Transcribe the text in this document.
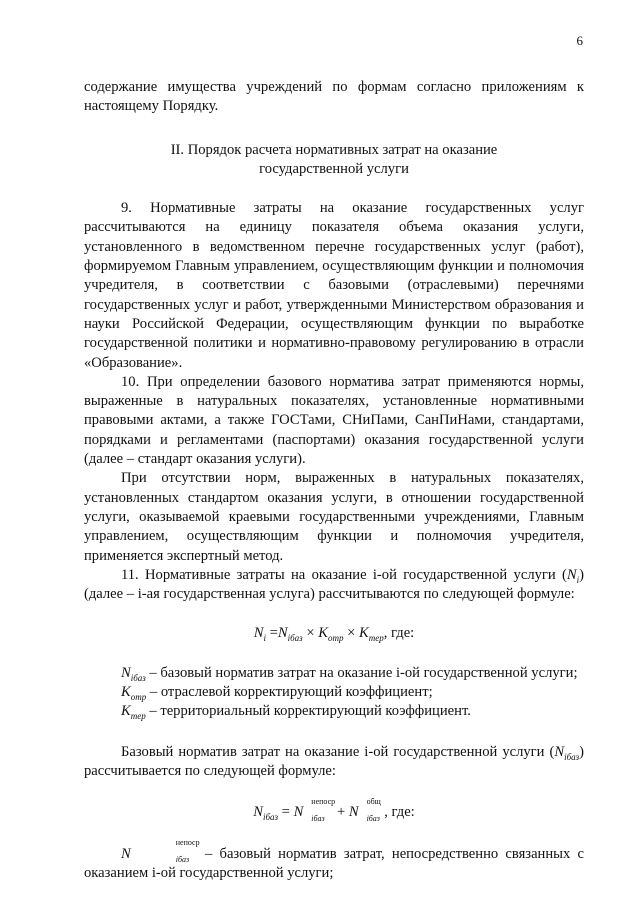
6

содержание имущества учреждений по формам согласно приложениям к настоящему Порядку.

II. Порядок расчета нормативных затрат на оказание
государственной услуги

9. Нормативные затраты на оказание государственных услуг рассчитываются на единицу показателя объема оказания услуги, установленного в ведомственном перечне государственных услуг (работ), формируемом Главным управлением, осуществляющим функции и полномочия учредителя, в соответствии с базовыми (отраслевыми) перечнями государственных услуг и работ, утвержденными Министерством образования и науки Российской Федерации, осуществляющим функции по выработке государственной политики и нормативно-правовому регулированию в отрасли «Образование».

10. При определении базового норматива затрат применяются нормы, выраженные в натуральных показателях, установленные нормативными правовыми актами, а также ГОСТами, СНиПами, СанПиНами, стандартами, порядками и регламентами (паспортами) оказания государственной услуги (далее – стандарт оказания услуги).

При отсутствии норм, выраженных в натуральных показателях, установленных стандартом оказания услуги, в отношении государственной услуги, оказываемой краевыми государственными учреждениями, Главным управлением, осуществляющим функции и полномочия учредителя, применяется экспертный метод.

11. Нормативные затраты на оказание i-ой государственной услуги $(N_i)$ (далее – i-ая государственная услуга) рассчитываются по следующей формуле:

$N_i =N_{iбаз} \times K_{отр} \times K_{тер}$, где:

$N_{iбаз}$ – базовый норматив затрат на оказание i-ой государственной услуги;

$K_{отр}$ – отраслевой корректирующий коэффициент;

$K_{тер}$ – территориальный корректирующий коэффициент.

Базовый норматив затрат на оказание i-ой государственной услуги $(N_{iбаз})$ рассчитывается по следующей формуле:

$N_{iбаз} = N$
непоср
iбаз + N
общ
iбаз , где:

N
непоср
iбаз – базовый норматив затрат, непосредственно связанных с оказанием i-ой государственной услуги;
